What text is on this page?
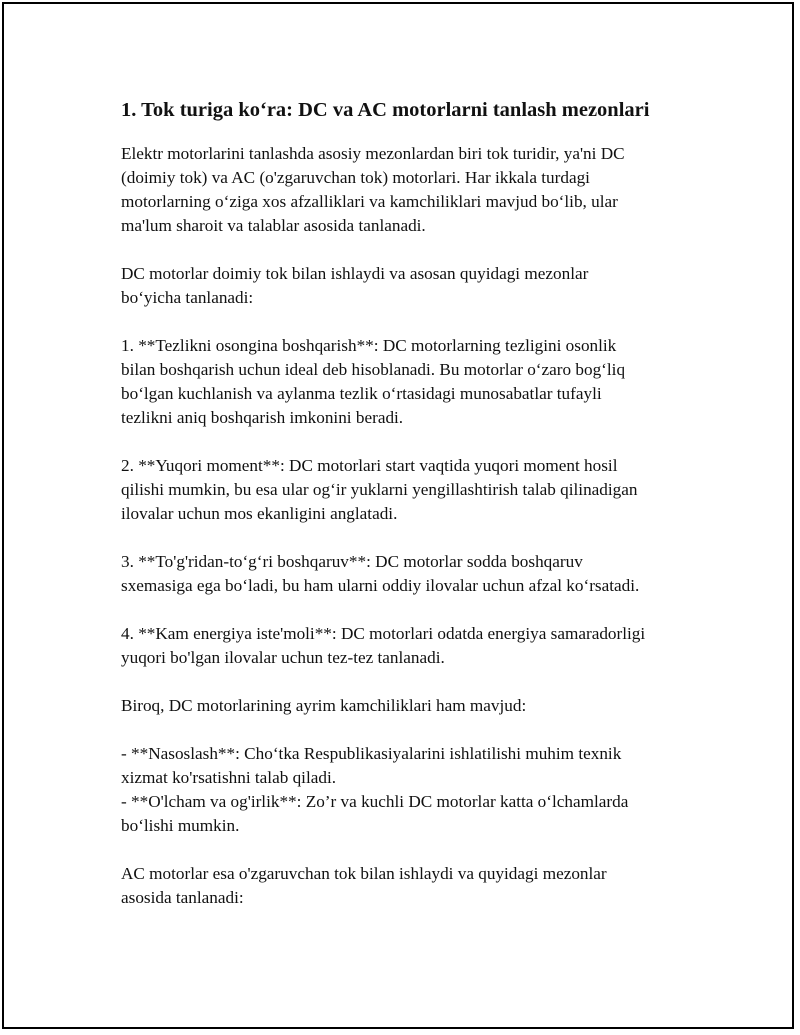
1. Tok turiga ko‘ra: DC va AC motorlarni tanlash mezonlari

Elektr motorlarini tanlashda asosiy mezonlardan biri tok turidir, ya'ni DC
(doimiy tok) va AC (o'zgaruvchan tok) motorlari. Har ikkala turdagi
motorlarning o‘ziga xos afzalliklari va kamchiliklari mavjud bo‘lib, ular
ma'lum sharoit va talablar asosida tanlanadi.

DC motorlar doimiy tok bilan ishlaydi va asosan quyidagi mezonlar
bo‘yicha tanlanadi:

1. **Tezlikni osongina boshqarish**: DC motorlarning tezligini osonlik
bilan boshqarish uchun ideal deb hisoblanadi. Bu motorlar o‘zaro bog‘liq
bo‘lgan kuchlanish va aylanma tezlik o‘rtasidagi munosabatlar tufayli
tezlikni aniq boshqarish imkonini beradi.

2. **Yuqori moment**: DC motorlari start vaqtida yuqori moment hosil
qilishi mumkin, bu esa ular og‘ir yuklarni yengillashtirish talab qilinadigan
ilovalar uchun mos ekanligini anglatadi.

3. **To'g'ridan-to‘g‘ri boshqaruv**: DC motorlar sodda boshqaruv
sxemasiga ega bo‘ladi, bu ham ularni oddiy ilovalar uchun afzal ko‘rsatadi.

4. **Kam energiya iste'moli**: DC motorlari odatda energiya samaradorligi
yuqori bo'lgan ilovalar uchun tez-tez tanlanadi.

Biroq, DC motorlarining ayrim kamchiliklari ham mavjud:

- **Nasoslash**: Cho‘tka Respublikasiyalarini ishlatilishi muhim texnik
xizmat ko'rsatishni talab qiladi.
- **O'lcham va og'irlik**: Zo’r va kuchli DC motorlar katta o‘lchamlarda
bo‘lishi mumkin.

AC motorlar esa o'zgaruvchan tok bilan ishlaydi va quyidagi mezonlar
asosida tanlanadi:
